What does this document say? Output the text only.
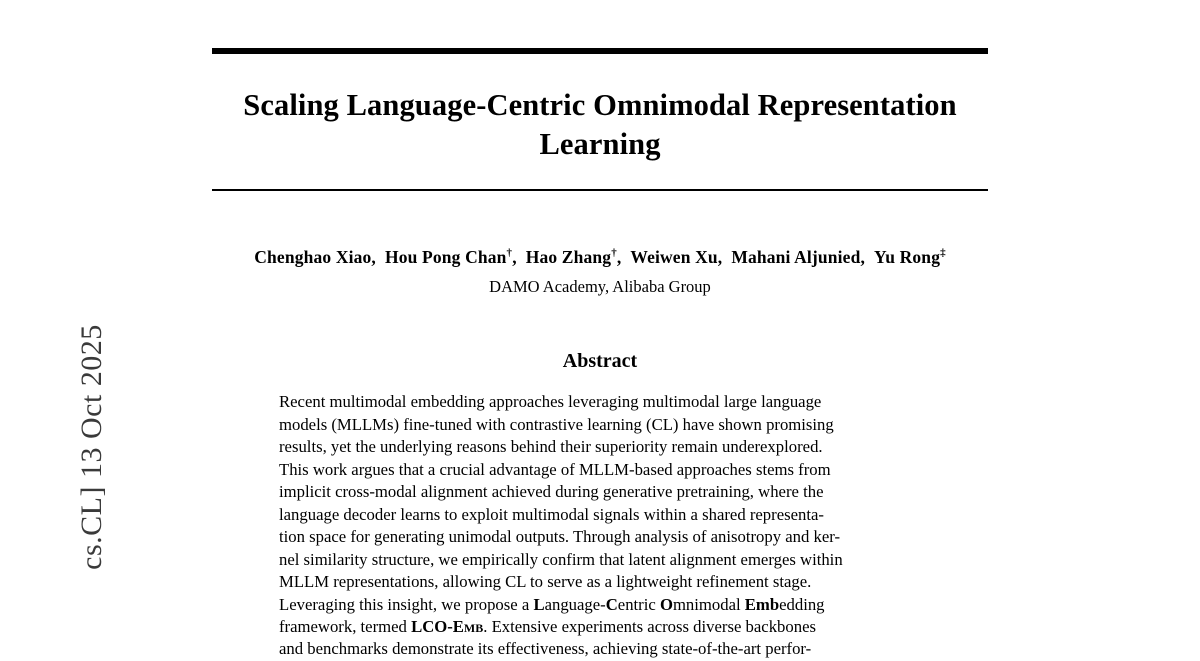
cs.CL] 13 Oct 2025
Scaling Language-Centric Omnimodal Representation Learning
Chenghao Xiao, Hou Pong Chan†, Hao Zhang†, Weiwen Xu, Mahani Aljunied, Yu Rong‡
DAMO Academy, Alibaba Group
Abstract

Recent multimodal embedding approaches leveraging multimodal large language

models (MLLMs) fine-tuned with contrastive learning (CL) have shown promising

results, yet the underlying reasons behind their superiority remain underexplored.

This work argues that a crucial advantage of MLLM-based approaches stems from

implicit cross-modal alignment achieved during generative pretraining, where the

language decoder learns to exploit multimodal signals within a shared representa-

tion space for generating unimodal outputs. Through analysis of anisotropy and ker-

nel similarity structure, we empirically confirm that latent alignment emerges within

MLLM representations, allowing CL to serve as a lightweight refinement stage.

Leveraging this insight, we propose a Language-Centric Omnimodal Embedding

framework, termed LCO-Emb. Extensive experiments across diverse backbones

and benchmarks demonstrate its effectiveness, achieving state-of-the-art perfor-
